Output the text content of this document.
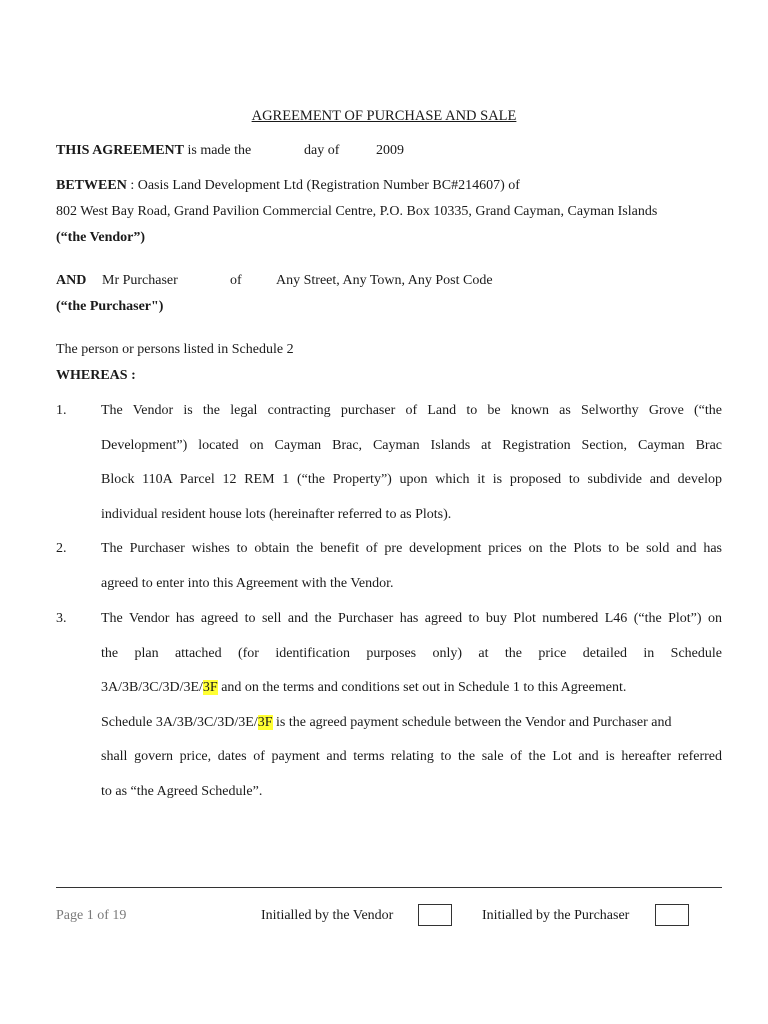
AGREEMENT OF PURCHASE AND SALE
THIS AGREEMENT is made the	day of	2009
BETWEEN : Oasis Land Development Ltd (Registration Number BC#214607) of
802 West Bay Road, Grand Pavilion Commercial Centre, P.O. Box 10335, Grand Cayman, Cayman Islands
(“the Vendor”)
AND Mr Purchaser	of Any Street, Any Town, Any Post Code
(“the Purchaser")
The person or persons listed in Schedule 2
WHEREAS :
1. The Vendor is the legal contracting purchaser of Land to be known as Selworthy Grove (“the
Development”) located on Cayman Brac, Cayman Islands at Registration Section, Cayman Brac
Block 110A Parcel 12 REM 1 (“the Property”) upon which it is proposed to subdivide and develop
individual resident house lots (hereinafter referred to as Plots).
2. The Purchaser wishes to obtain the benefit of pre development prices on the Plots to be sold and has
agreed to enter into this Agreement with the Vendor.
3. The Vendor has agreed to sell and the Purchaser has agreed to buy Plot numbered L46 (“the Plot”) on
the plan attached (for identification purposes only) at the price detailed in Schedule
3A/3B/3C/3D/3E/3F and on the terms and conditions set out in Schedule 1 to this Agreement.
Schedule 3A/3B/3C/3D/3E/3F is the agreed payment schedule between the Vendor and Purchaser and
shall govern price, dates of payment and terms relating to the sale of the Lot and is hereafter referred
to as “the Agreed Schedule”.
Page 1 of 19	Initialled by the Vendor	Initialled by the Purchaser
